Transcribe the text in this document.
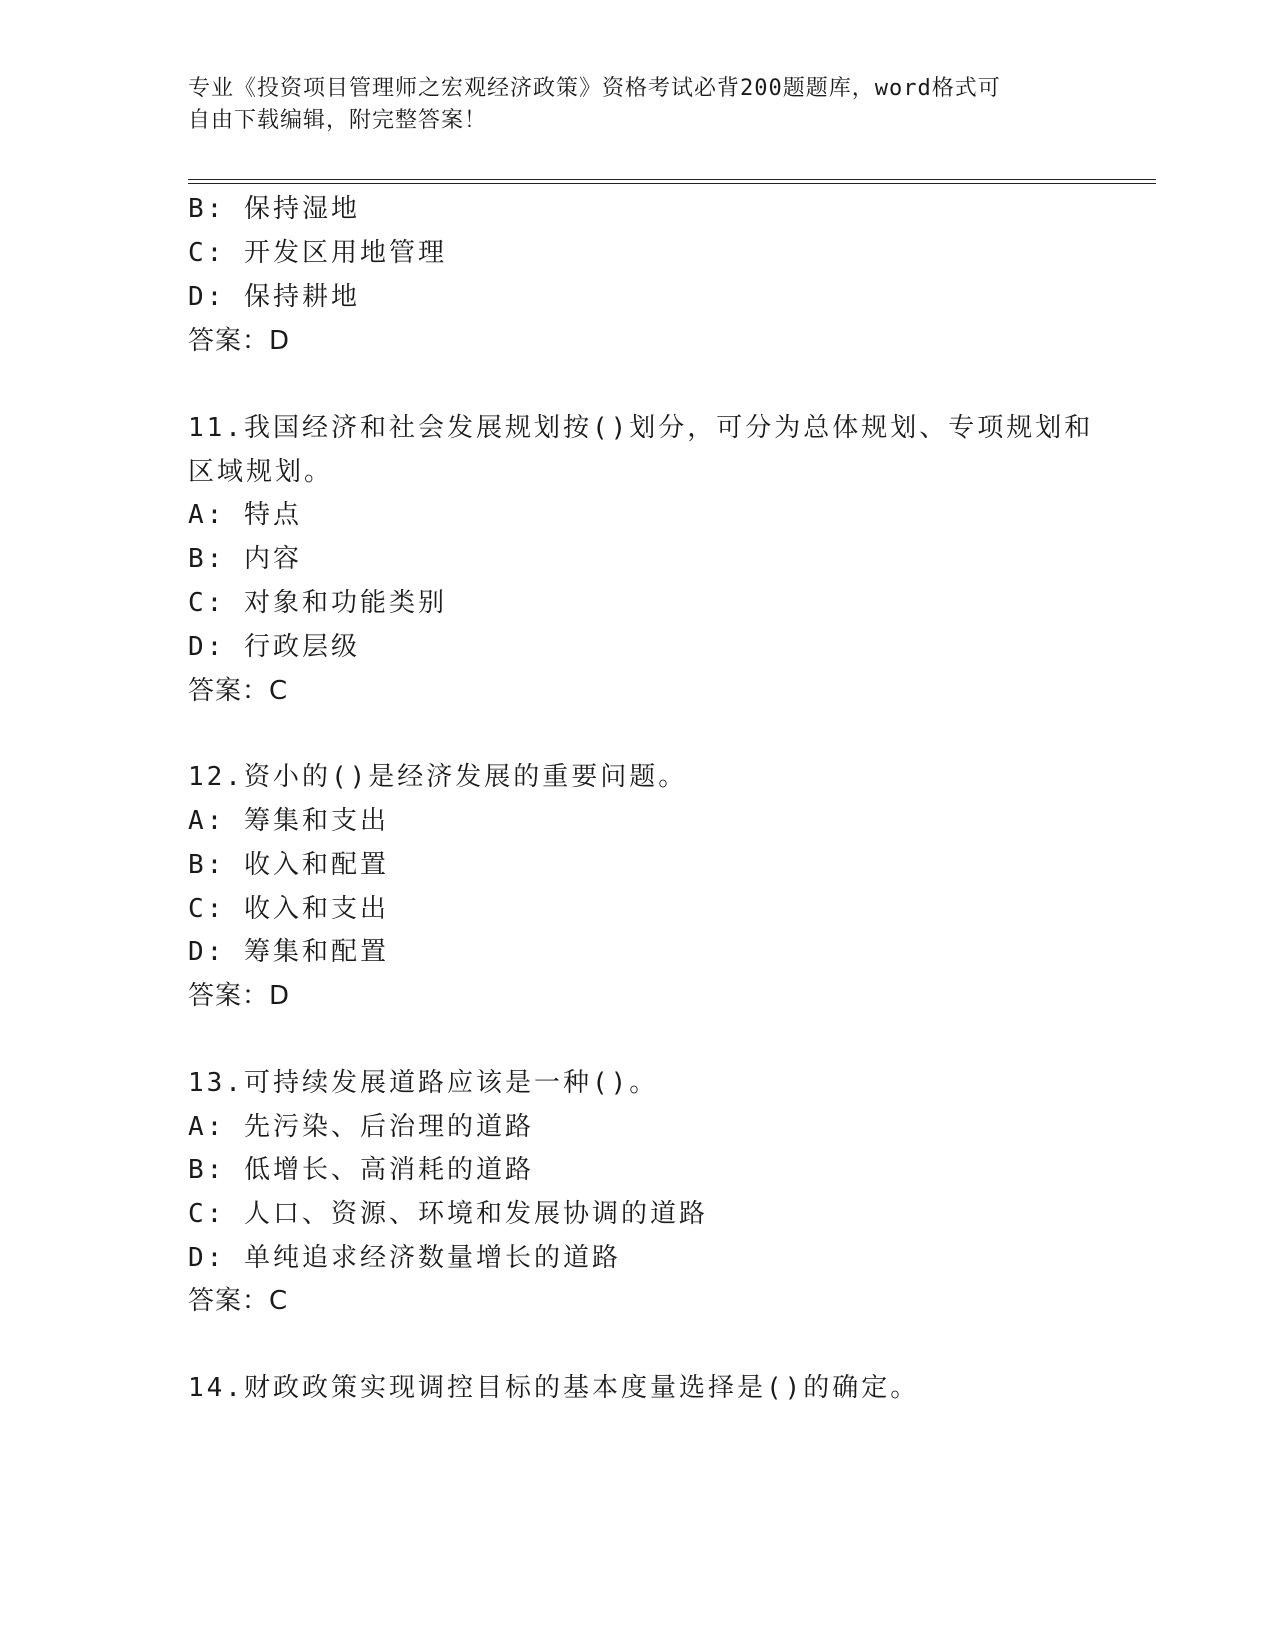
专业《投资项目管理师之宏观经济政策》资格考试必背200题题库，word格式可
自由下载编辑，附完整答案！
B: 保持湿地
C: 开发区用地管理
D: 保持耕地
答案：D
11.我国经济和社会发展规划按()划分，可分为总体规划、专项规划和
区域规划。
A: 特点
B: 内容
C: 对象和功能类别
D: 行政层级
答案：C
12.资小的()是经济发展的重要问题。
A: 筹集和支出
B: 收入和配置
C: 收入和支出
D: 筹集和配置
答案：D
13.可持续发展道路应该是一种()。
A: 先污染、后治理的道路
B: 低增长、高消耗的道路
C: 人口、资源、环境和发展协调的道路
D: 单纯追求经济数量增长的道路
答案：C
14.财政政策实现调控目标的基本度量选择是()的确定。
